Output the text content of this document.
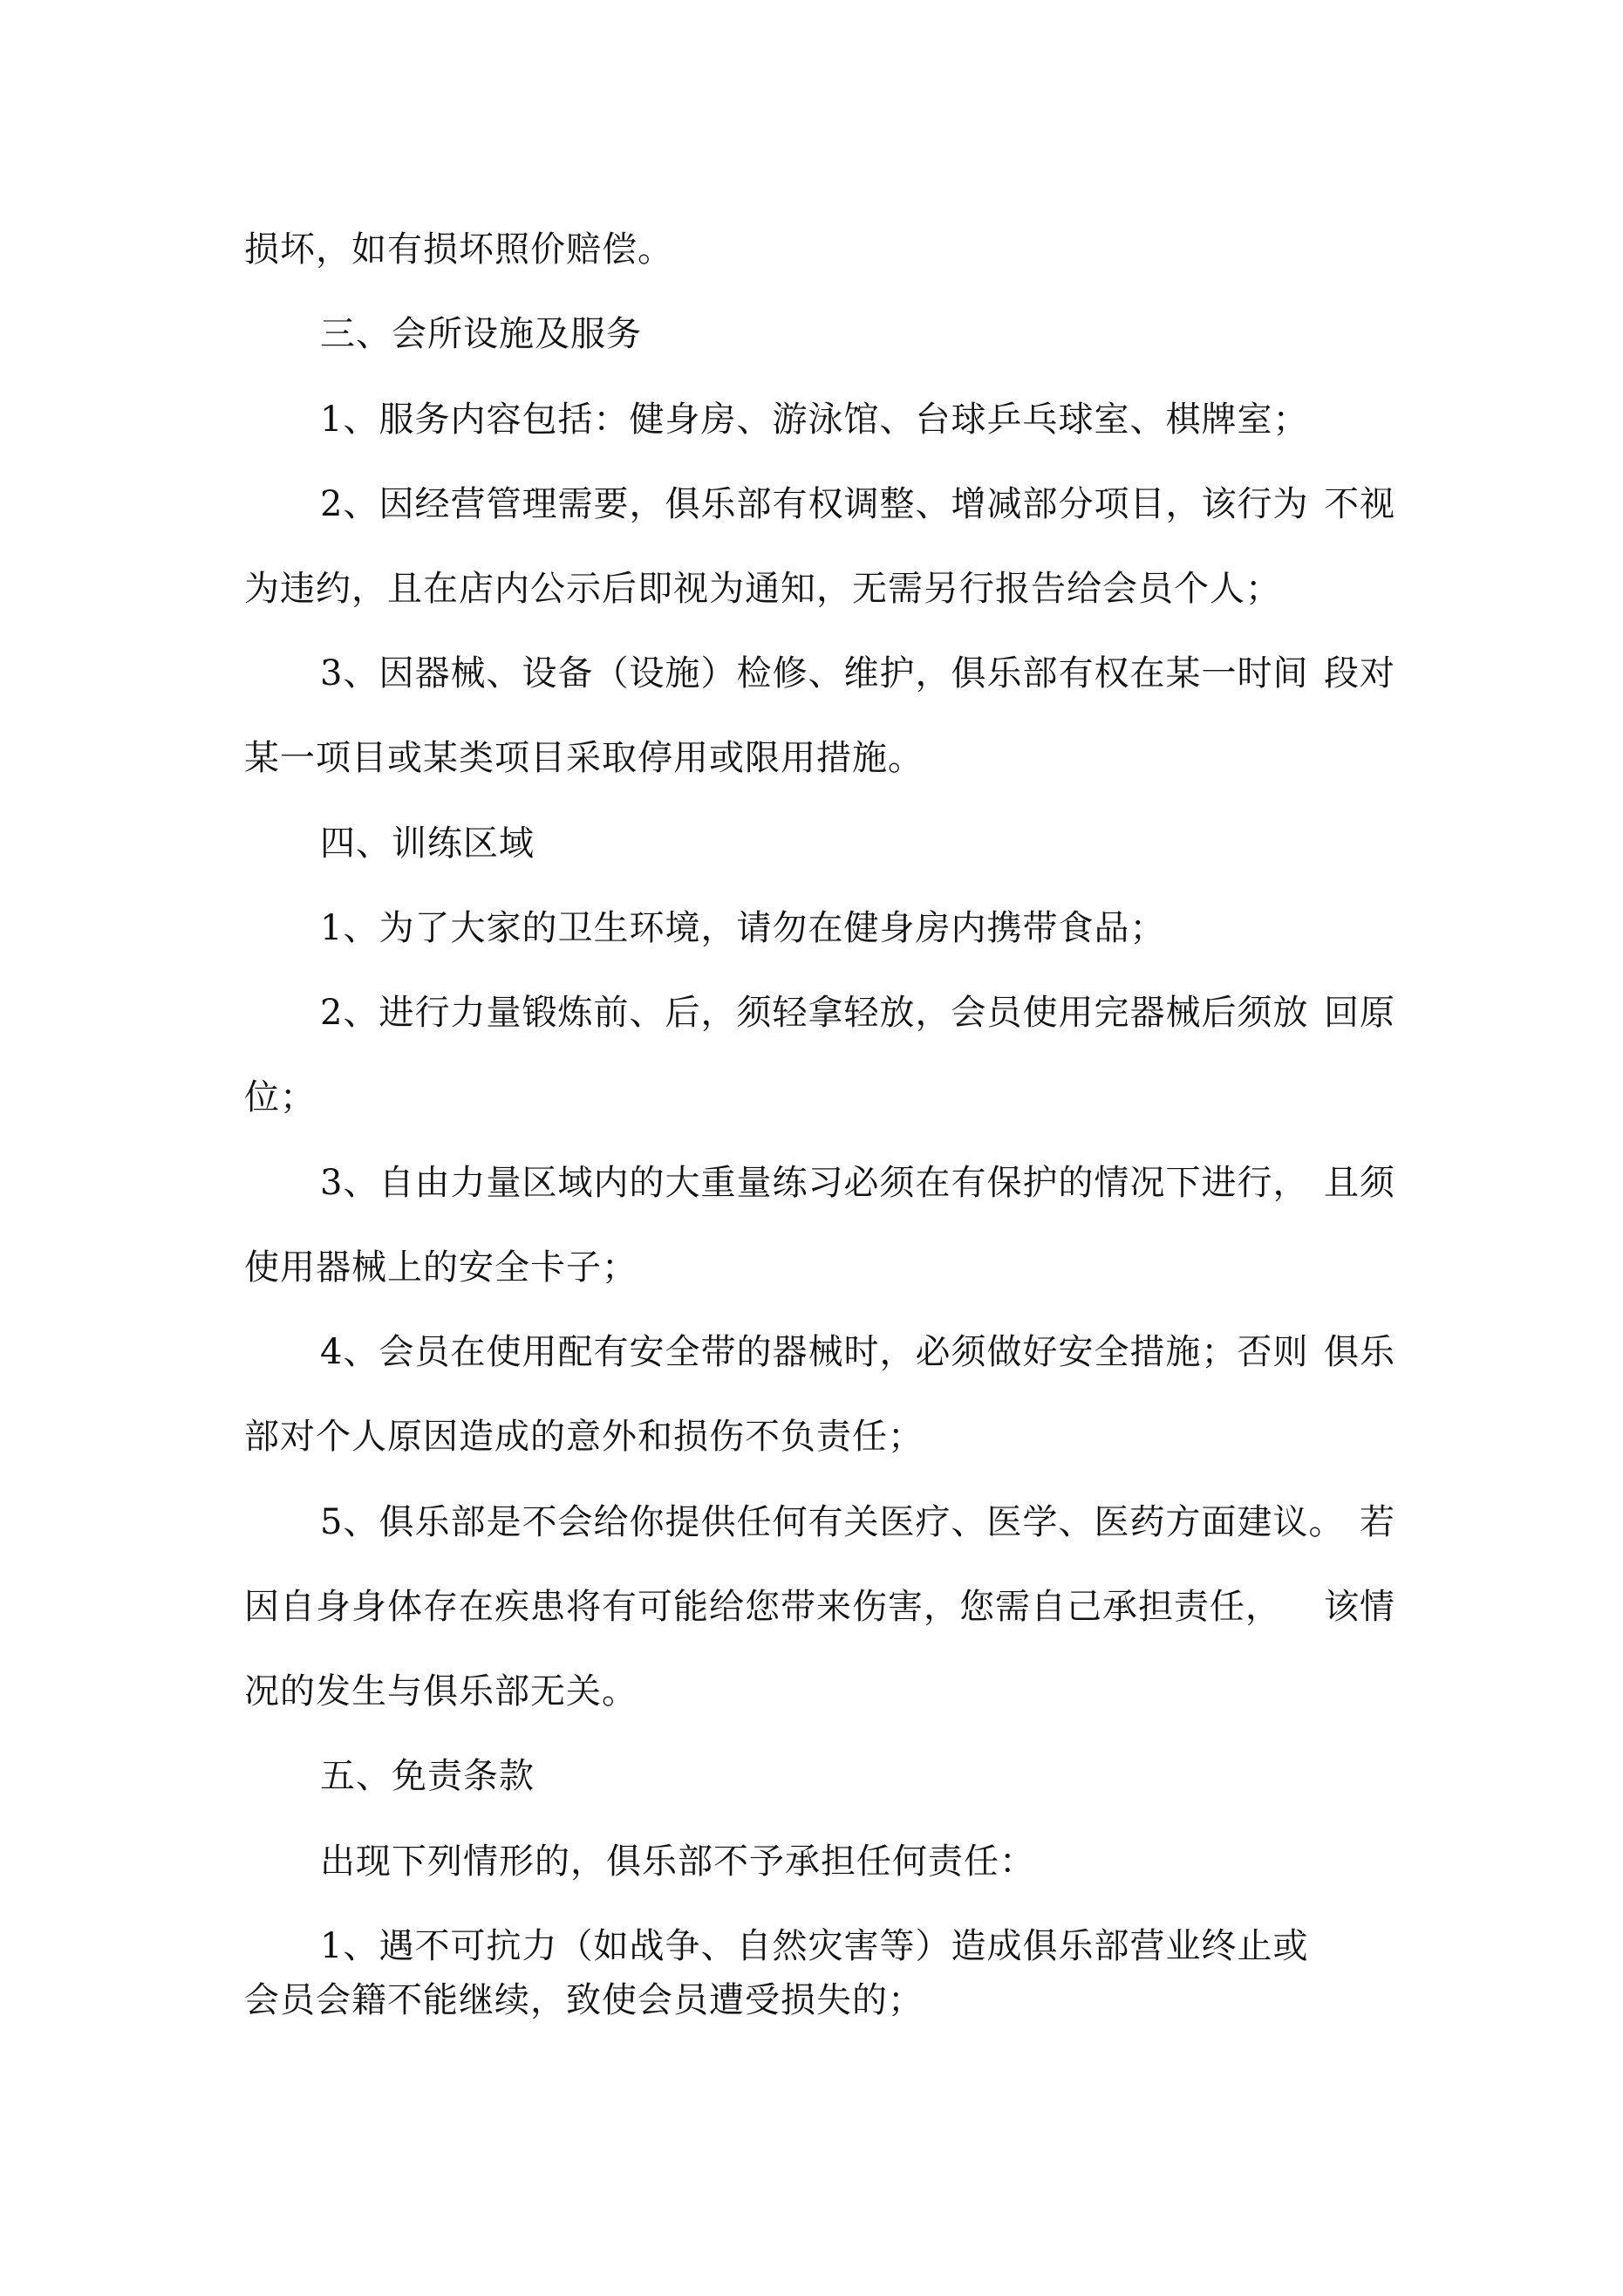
损坏，如有损坏照价赔偿。
三、会所设施及服务
1、服务内容包括：健身房、游泳馆、台球乒乓球室、棋牌室；
2、因经营管理需要，俱乐部有权调整、增减部分项目，该行为 不视
为违约，且在店内公示后即视为通知，无需另行报告给会员个人；
3、因器械、设备（设施）检修、维护，俱乐部有权在某一时间 段对
某一项目或某类项目采取停用或限用措施。
四、训练区域
1、为了大家的卫生环境，请勿在健身房内携带食品；
2、进行力量锻炼前、后，须轻拿轻放，会员使用完器械后须放 回原
位；
3、自由力量区域内的大重量练习必须在有保护的情况下进行， 且须
使用器械上的安全卡子；
4、会员在使用配有安全带的器械时，必须做好安全措施；否则 俱乐
部对个人原因造成的意外和损伤不负责任；
5、俱乐部是不会给你提供任何有关医疗、医学、医药方面建议。 若
因自身身体存在疾患将有可能给您带来伤害，您需自己承担责任， 该情
况的发生与俱乐部无关。
五、免责条款
出现下列情形的，俱乐部不予承担任何责任：
1、遇不可抗力（如战争、自然灾害等）造成俱乐部营业终止或
会员会籍不能继续，致使会员遭受损失的；
